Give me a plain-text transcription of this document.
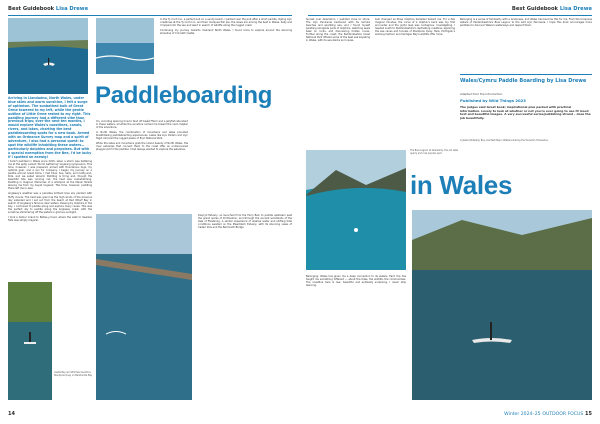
Best Guidebook Lisa Drewe
Arriving in Llandudno, North Wales, under blue skies and warm sunshine, I felt a surge of optimism. The sunbathed bulk of Great Orme towered to my left, while the gentle outline of Little Orme rested to my right. This paddling journey had a different vibe than previous trips; over the next ten months, I would explore Wales's coastlines, canals, rivers, and lakes, charting the best paddleboarding spots for a new book. Armed with an Ordnance Survey map and a spirit of adventure, I also had a personal quest: to spot the wildlife inhabiting these waters—particularly dolphins and porpoises. But with a special exemption from the Bee, I'd be lucky if I spotted an earwig!

I hadn't paddled in Wales since 2015, when a storm was battering me at the aptly named 'Storm Gathering' kayaking symposium. This time, however, I was prepared, armed with thunderous tugs, my optimal gear, and a sun for company. I began my journey on a paddle around Great Orme. I met Clive, Sue, Sally, and Cathy-and-Kids, and we sailed aboard. Paddling is tiring and, though the beautiful tide was running out, the heat was overwhelming. Paddling is magical. Memories of a whirlpool at the Menai Straits leaving me from my kayak lingered. This time, however, paddling there left me in awe.

Anglesey's weather was a paradise brilliant blue sky painted with fluffy clouds. The heat was grand as the high winds of the previous day subsided and I set out from the beach at Red Wharf Bay in search of Anglesey's famous clear waters. Passing by dolphins in the bay, I continued to paddle along and explore many caves. This was the perfect sky to paddle along the Anglesey coast, with the sunshine shimmering off the waters in glorious sunlight.

I took a detour inland to Betws-y-Coed, where the walk to Swallow Falls was simply magical.

Castle Bay and Witches Cauldron; Stackpole Quay on Barafundle Bay

In the Ty Coch Inn, a perfect pub on a sandy beach, I parked near the pub after a short paddle. Ogling Llŷn coastlines at the Ty Coch Inn, and their marquee fish pie, the views are among the best in Wales. Sally and I hopped into the sea and went in search of wildlife along the rugged coast.

Continuing my journey towards mainland North Wales, I found more to explore around the stunning shoreline of Criccieth Castle.

Paddleboarding

On, including learning how to fend off Gwêd Ffarm and a jellyfish abundant in these waters, all while the sunshine carried me toward the next chapter of the adventure.

In North Wales, the combination of mountains and lakes provided breathtaking paddleboarding experiences. Lakes like Llyn Padarn and Llyn Tegid mirrored the rugged peaks of Eryri National Park.

While the lakes and mountains grab the inland beauty of North Wales, the river estuaries that connect them to the coast offer an undiscovered playground for the paddler. I had always wanted to explore the estuaries.

Dwyryd Estuary, so launched from the Ferry Bed, to paddle upstream past the grand spires of Portmeirion, and through the ancient woodlands of the Vale of Ffestiniog. A similar experience of shallow water and shifting tidal conditions awaited on the Mawddach Estuary, with its stunning views of Cadair Idris and the Barmouth Bridge.
14
Best Guidebook Lisa Drewe
Sunset over Aberdaron, I paddled close to shore. The Llŷn Peninsula beckoned with its remote beaches and sparkling sea, and I found myself paddling alongside pods of dolphins, watching seals bask on rocks, and discovering hidden coves. Further along the coast, the Pembrokeshire Coast National Park offered some of the best sea kayaking in Wales, with its sea stacks and caves.
lush changed as three dolphins barrelled toward me. For a few magical minutes, the curve of a dolphin's back was my first encounter and the joyful leap was contagious. Investigating, I headed south to Pembrokeshire's captivating coastline, exploring the sea caves and tunnels of Stackpole Quay. Here, Porthgain's working harbour and Cardigan Bay's wildlife offer more.
The Blue Lagoon at Abereiddy, the old slate quarry and now popular spot
in Wales
Belonging: Wales has given me a deep connection to its waters. Each trip has taught me something different — about the tides, the wildlife, the communities. The coastline here is raw, beautiful and endlessly surprising. I never stop learning.
Belonging is a sense of familiarity with a landscape, and Wales has become this for me. From the turquoise waters of Pembrokeshire's Blue Lagoon to the wild Llŷn Peninsula, I hope this book encourages more paddlers to discover Wales's waterways and respect them.
Wales/Cymru Paddle Boarding by Lisa Drewe
Adapted from the Introduction
Published by Wild Things 2023
The judges said Great book; inspirational plus packed with practical information. Lovely to look at whether or not you're ever going to use it! Good text and beautiful images. A very successful series/publishing strand – does the job beautifully.
Cydweli (Kidwelly) Bay; Llantwit Major; Walkers sharing the Snowdon Horseshoe
Winter 2024–25 OUTDOOR FOCUS 15
